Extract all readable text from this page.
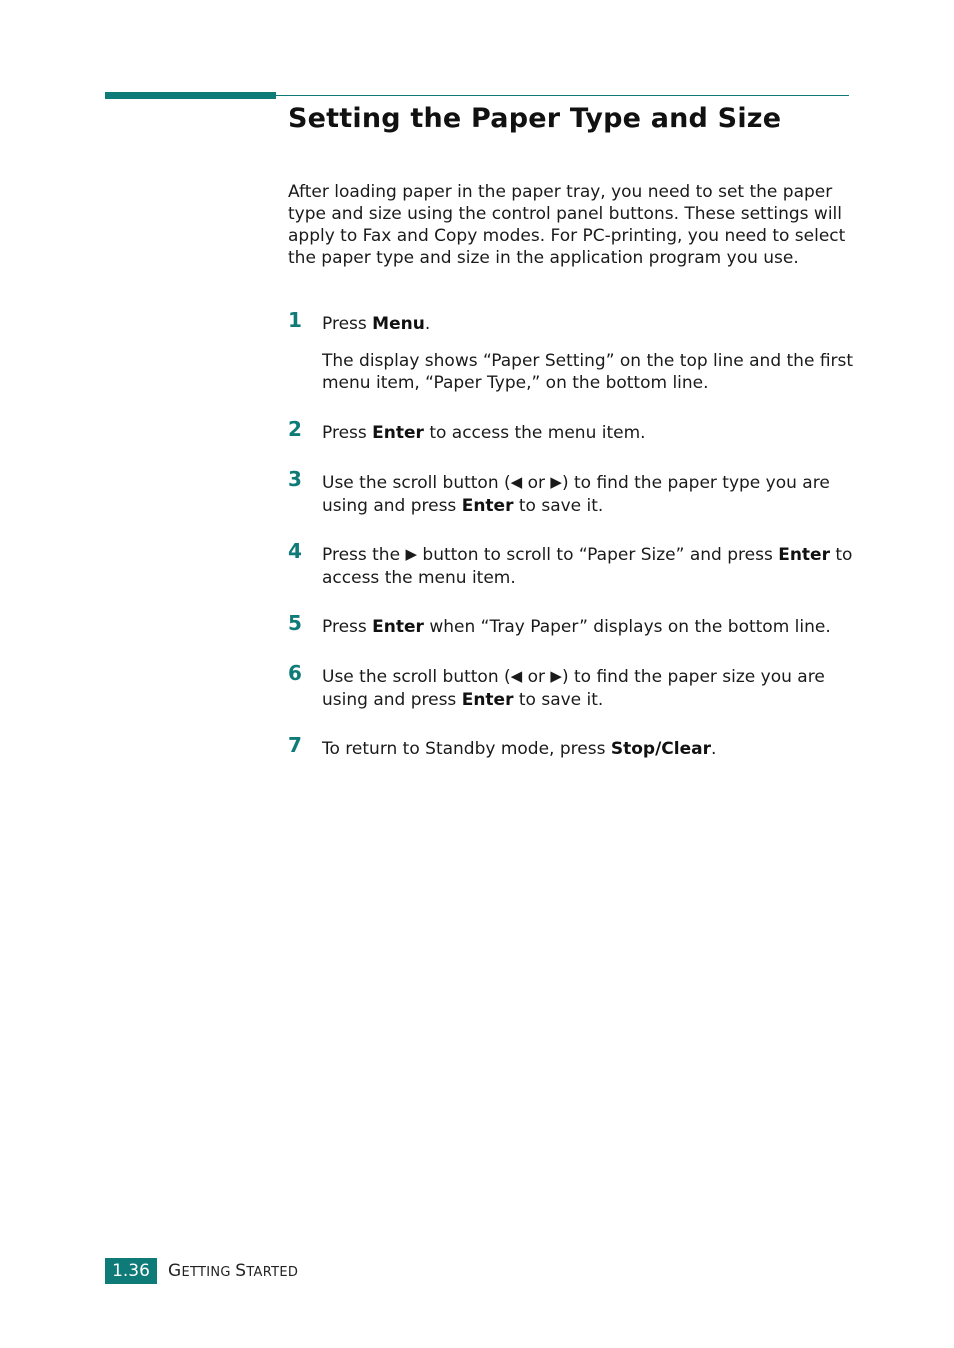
Setting the Paper Type and Size

After loading paper in the paper tray, you need to set the paper type and size using the control panel buttons. These settings will apply to Fax and Copy modes. For PC-printing, you need to select the paper type and size in the application program you use.

1 Press Menu.

The display shows “Paper Setting” on the top line and the first menu item, “Paper Type,” on the bottom line.

2 Press Enter to access the menu item.

3 Use the scroll button (◀ or ▶) to find the paper type you are using and press Enter to save it.

4 Press the ▶ button to scroll to “Paper Size” and press Enter to access the menu item.

5 Press Enter when “Tray Paper” displays on the bottom line.

6 Use the scroll button (◀ or ▶) to find the paper size you are using and press Enter to save it.

7 To return to Standby mode, press Stop/Clear.

1.36	GETTING STARTED
